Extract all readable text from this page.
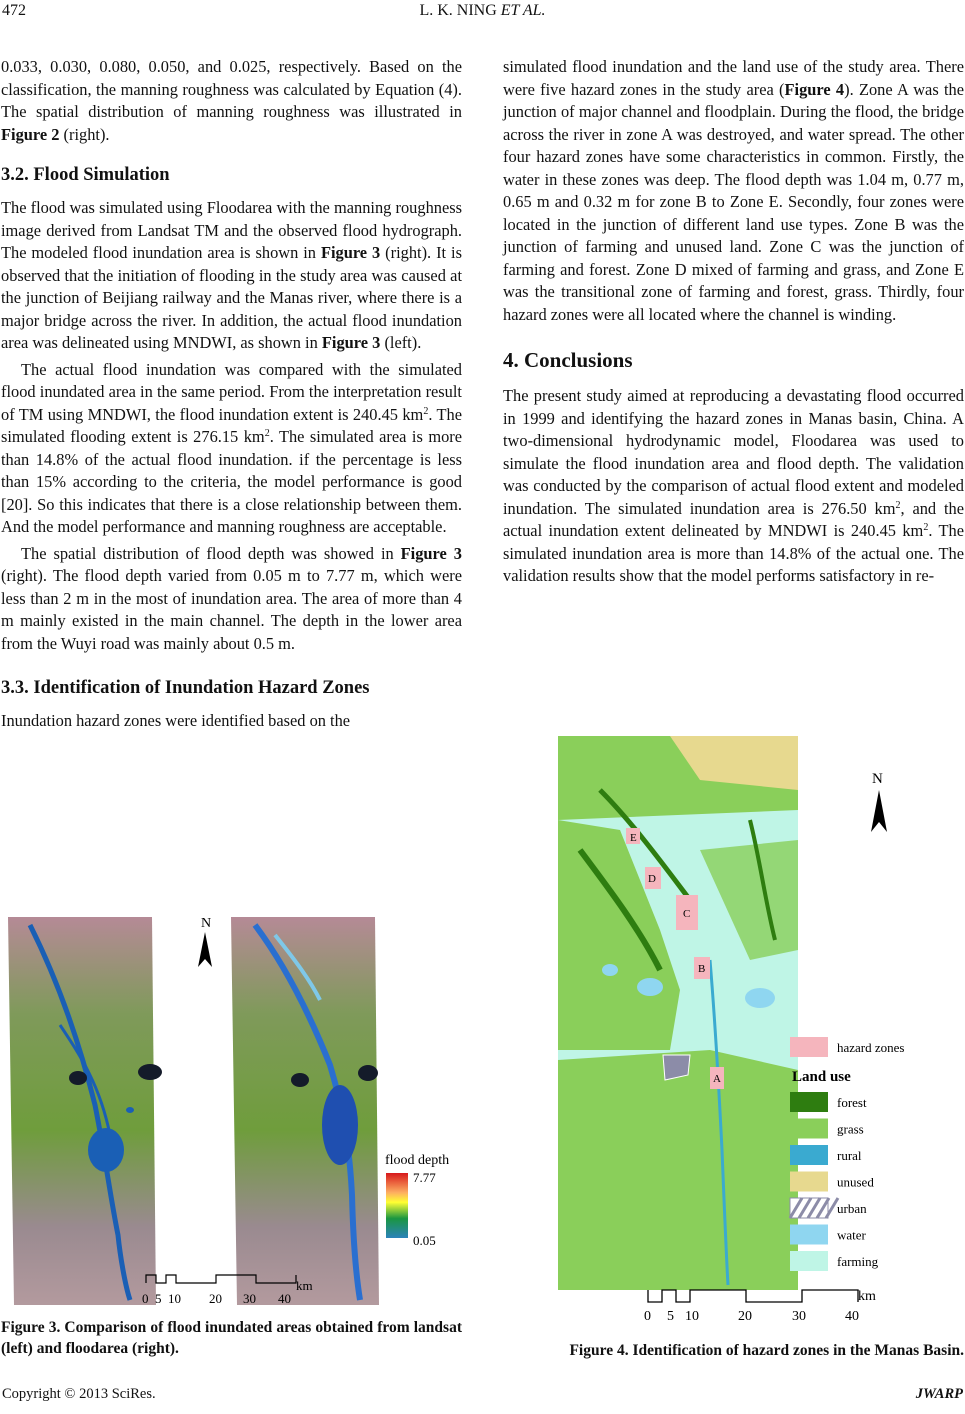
472	L. K. NING ET AL.

0.033, 0.030, 0.080, 0.050, and 0.025, respectively. Based on the classification, the manning roughness was calculated by Equation (4). The spatial distribution of manning roughness was illustrated in Figure 2 (right).

3.2. Flood Simulation

The flood was simulated using Floodarea with the manning roughness image derived from Landsat TM and the observed flood hydrograph. The modeled flood inundation area is shown in Figure 3 (right). It is observed that the initiation of flooding in the study area was caused at the junction of Beijiang railway and the Manas river, where there is a major bridge across the river. In addition, the actual flood inundation area was delineated using MNDWI, as shown in Figure 3 (left).

The actual flood inundation was compared with the simulated flood inundated area in the same period. From the interpretation result of TM using MNDWI, the flood inundation extent is 240.45 $km^2$. The simulated flooding extent is 276.15 $km^2$. The simulated area is more than 14.8% of the actual flood inundation. if the percentage is less than 15% according to the criteria, the model performance is good [20]. So this indicates that there is a close relationship between them. And the model performance and manning roughness are acceptable.

The spatial distribution of flood depth was showed in Figure 3 (right). The flood depth varied from 0.05 m to 7.77 m, which were less than 2 m in the most of inundation area. The area of more than 4 m mainly existed in the main channel. The depth in the lower area from the Wuyi road was mainly about 0.5 m.

3.3. Identification of Inundation Hazard Zones

Inundation hazard zones were identified based on the

simulated flood inundation and the land use of the study area. There were five hazard zones in the study area (Figure 4). Zone A was the junction of major channel and floodplain. During the flood, the bridge across the river in zone A was destroyed, and water spread. The other four hazard zones have some characteristics in common. Firstly, the water in these zones was deep. The flood depth was 1.04 m, 0.77 m, 0.65 m and 0.32 m for zone B to Zone E. Secondly, four zones were located in the junction of different land use types. Zone B was the junction of farming and unused land. Zone C was the junction of farming and forest. Zone D mixed of farming and grass, and Zone E was the transitional zone of farming and forest, grass. Thirdly, four hazard zones were all located where the channel is winding.

4. Conclusions

The present study aimed at reproducing a devastating flood occurred in 1999 and identifying the hazard zones in Manas basin, China. A two-dimensional hydrodynamic model, Floodarea was used to simulate the flood inundation area and flood depth. The validation was conducted by the comparison of actual flood extent and modeled inundation. The simulated inundation area is 276.50 $km^2$, and the actual inundation extent delineated by MNDWI is 240.45 $km^2$. The simulated inundation area is more than 14.8% of the actual one. The validation results show that the model performs satisfactory in re-

N
flood depth
7.77
0.05
km
0 5 10 20 30 40
Figure 3. Comparison of flood inundated areas obtained from landsat (left) and floodarea (right).
E
D
C
B
A
N
hazard zones
Land use
forest
grass
rural
unused
urban
water
farming
km
0 5 10	20	30	40
Figure 4. Identification of hazard zones in the Manas Basin.
Copyright © 2013 SciRes.	JWARP
